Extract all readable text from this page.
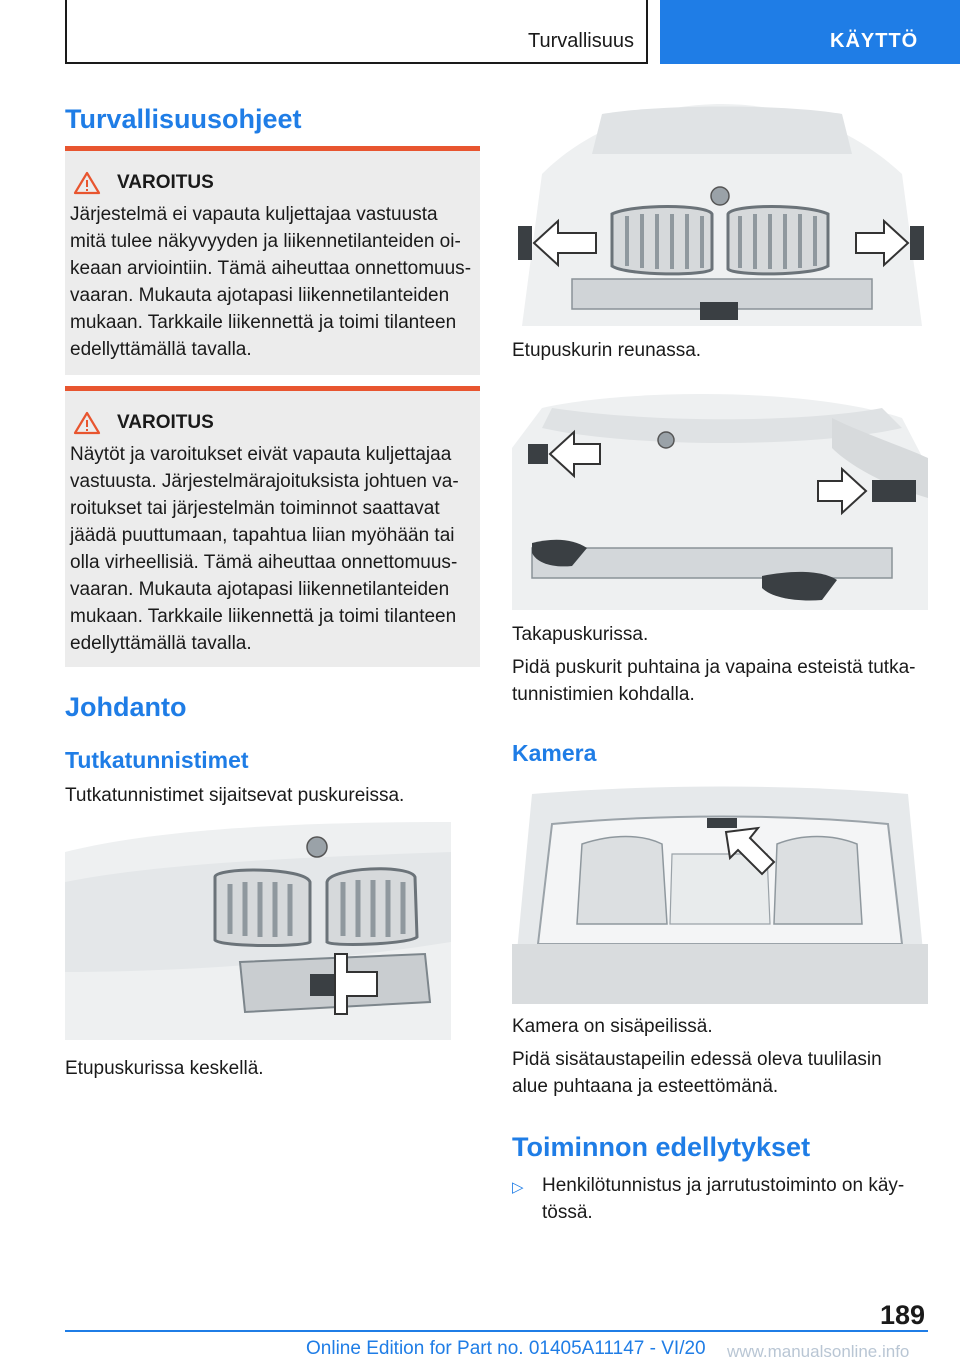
Turvallisuus	KÄYTTÖ
Turvallisuusohjeet
VAROITUS
Järjestelmä ei vapauta kuljettajaa vastuusta mitä tulee näkyvyyden ja liikennetilanteiden oikeaan arviointiin. Tämä aiheuttaa onnettomuusvaaran. Mukauta ajotapasi liikennetilanteiden mukaan. Tarkkaile liikennettä ja toimi tilanteen edellyttämällä tavalla.
VAROITUS
Näytöt ja varoitukset eivät vapauta kuljettajaa vastuusta. Järjestelmärajoituksista johtuen varoitukset tai järjestelmän toiminnot saattavat jäädä puuttumaan, tapahtua liian myöhään tai olla virheellisiä. Tämä aiheuttaa onnettomuusvaaran. Mukauta ajotapasi liikennetilanteiden mukaan. Tarkkaile liikennettä ja toimi tilanteen edellyttämällä tavalla.
Johdanto
Tutkatunnistimet
Tutkatunnistimet sijaitsevat puskureissa.
Etupuskurissa keskellä.
Etupuskurin reunassa.
Takapuskurissa.
Pidä puskurit puhtaina ja vapaina esteistä tutkatunnistimien kohdalla.
Kamera
Kamera on sisäpeilissä.
Pidä sisätaustapeilin edessä oleva tuulilasin alue puhtaana ja esteettömänä.
Toiminnon edellytykset
▷ Henkilötunnistus ja jarrutustoiminto on käytössä.
189
Online Edition for Part no. 01405A11147 - VI/20 www.manualsonline.info
